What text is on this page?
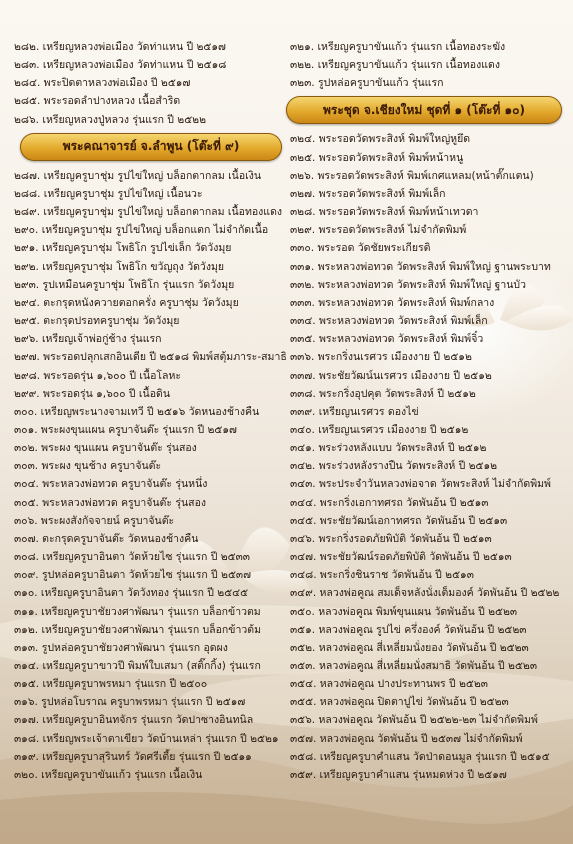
๒๘๒. เหรียญหลวงพ่อเมือง วัดท่าแหน ปี ๒๕๑๗
๒๘๓. เหรียญหลวงพ่อเมือง วัดท่าแหน ปี ๒๕๑๘
๒๘๔. พระปิดตาหลวงพ่อเมือง ปี ๒๕๑๗
๒๘๕. พระรอดลำปางหลวง เนื้อสำริด
๒๘๖. เหรียญหลวงปู่หลวง รุ่นแรก ปี ๒๕๒๒
พระคณาจารย์ จ.ลำพูน (โต๊ะที่ ๙)
๒๘๗. เหรียญครูบาชุ่ม รูปไข่ใหญ่ บล็อกตากลม เนื้อเงิน
๒๘๘. เหรียญครูบาชุ่ม รูปไข่ใหญ่ เนื้อนวะ
๒๘๙. เหรียญครูบาชุ่ม รูปไข่ใหญ่ บล็อกตากลม เนื้อทองแดง
๒๙๐. เหรียญครูบาชุ่ม รูปไข่ใหญ่ บล็อกแตก ไม่จำกัดเนื้อ
๒๙๑. เหรียญครูบาชุ่ม โพธิโก รูปไข่เล็ก วัดวังมุย
๒๙๒. เหรียญครูบาชุ่ม โพธิโก ขวัญถุง วัดวังมุย
๒๙๓. รูปเหมือนครูบาชุ่ม โพธิโก รุ่นแรก วัดวังมุย
๒๙๔. ตะกรุดหนังควายตอกครั่ง ครูบาชุ่ม วัดวังมุย
๒๙๕. ตะกรุดปรอทครูบาชุ่ม วัดวังมุย
๒๙๖. เหรียญเจ้าพ่อกู่ช้าง รุ่นแรก
๒๙๗. พระรอดปลุกเสกอินเดีย ปี ๒๕๑๘ พิมพ์สตุ้มภาระ-สมาธิ
๒๙๘. พระรอดรุ่น ๑,๖๐๐ ปี เนื้อโลหะ
๒๙๙. พระรอดรุ่น ๑,๖๐๐ ปี เนื้อดิน
๓๐๐. เหรียญพระนางจามเทวี ปี ๒๕๑๖ วัดหนองช้างคืน
๓๐๑. พระผงขุนแผน ครูบาจันต๊ะ รุ่นแรก ปี ๒๕๑๗
๓๐๒. พระผง ขุนแผน ครูบาจันต๊ะ รุ่นสอง
๓๐๓. พระผง ขุนช้าง ครูบาจันต๊ะ
๓๐๔. พระหลวงพ่อทวด ครูบาจันต๊ะ รุ่นหนึ่ง
๓๐๕. พระหลวงพ่อทวด ครูบาจันต๊ะ รุ่นสอง
๓๐๖. พระผงสังกัจจายน์ ครูบาจันต๊ะ
๓๐๗. ตะกรุดครูบาจันต๊ะ วัดหนองช้างคืน
๓๐๘. เหรียญครูบาอินตา วัดห้วยไซ รุ่นแรก ปี ๒๕๓๓
๓๐๙. รูปหล่อครูบาอินตา วัดห้วยไซ รุ่นแรก ปี ๒๕๓๗
๓๑๐. เหรียญครูบาอินตา วัดวังทอง รุ่นแรก ปี ๒๕๔๕
๓๑๑. เหรียญครูบาชัยวงศาพัฒนา รุ่นแรก บล็อกข้าวตม
๓๑๒. เหรียญครูบาชัยวงศาพัฒนา รุ่นแรก บล็อกข้าวต้ม
๓๑๓. รูปหล่อครูบาชัยวงศาพัฒนา รุ่นแรก อุดผง
๓๑๔. เหรียญครูบาขาวปี พิมพ์ใบเสมา (สติ๊กกิ้ง) รุ่นแรก
๓๑๕. เหรียญครูบาพรหมา รุ่นแรก ปี ๒๕๐๐
๓๑๖. รูปหล่อโบราณ ครูบาพรหมา รุ่นแรก ปี ๒๕๑๗
๓๑๗. เหรียญครูบาอินทจักร รุ่นแรก วัดปาซางอินทนิล
๓๑๘. เหรียญพระเจ้าตาเขียว วัดบ้านเหล่า รุ่นแรก ปี ๒๕๒๑
๓๑๙. เหรียญครูบาสุรินทร์ วัดศรีเตี้ย รุ่นแรก ปี ๒๕๑๑
๓๒๐. เหรียญครูบาขันแก้ว รุ่นแรก เนื้อเงิน
๓๒๑. เหรียญครูบาขันแก้ว รุ่นแรก เนื้อทองระฆัง
๓๒๒. เหรียญครูบาขันแก้ว รุ่นแรก เนื้อทองแดง
๓๒๓. รูปหล่อครูบาขันแก้ว รุ่นแรก
พระชุด จ.เชียงใหม่ ชุดที่ ๑ (โต๊ะที่ ๑๐)
๓๒๔. พระรอดวัดพระสิงห์ พิมพ์ใหญ่หูยึด
๓๒๕. พระรอดวัดพระสิงห์ พิมพ์หน้าหนู
๓๒๖. พระรอดวัดพระสิงห์ พิมพ์เกศแหลม(หน้าตั๊กแตน)
๓๒๗. พระรอดวัดพระสิงห์ พิมพ์เล็ก
๓๒๘. พระรอดวัดพระสิงห์ พิมพ์หน้าเทวดา
๓๒๙. พระรอดวัดพระสิงห์ ไม่จำกัดพิมพ์
๓๓๐. พระรอด วัดชัยพระเกียรติ
๓๓๑. พระหลวงพ่อทวด วัดพระสิงห์ พิมพ์ใหญ่ ฐานพระบาท
๓๓๒. พระหลวงพ่อทวด วัดพระสิงห์ พิมพ์ใหญ่ ฐานบัว
๓๓๓. พระหลวงพ่อทวด วัดพระสิงห์ พิมพ์กลาง
๓๓๔. พระหลวงพ่อทวด วัดพระสิงห์ พิมพ์เล็ก
๓๓๕. พระหลวงพ่อทวด วัดพระสิงห์ พิมพ์จิ๋ว
๓๓๖. พระกริ่งนเรศวร เมืองงาย ปี ๒๕๑๒
๓๓๗. พระชัยวัฒน์นเรศวร เมืองงาย ปี ๒๕๑๒
๓๓๘. พระกริ่งอุปคุต วัดพระสิงห์ ปี ๒๕๑๒
๓๓๙. เหรียญนเรศวร ดองไข่
๓๔๐. เหรียญนเรศวร เมืองงาย ปี ๒๕๑๒
๓๔๑. พระร่วงหลังแบบ วัดพระสิงห์ ปี ๒๕๑๒
๓๔๒. พระร่วงหลังรางปืน วัดพระสิงห์ ปี ๒๕๑๒
๓๔๓. พระประจำวันหลวงพ่อจาด วัดพระสิงห์ ไม่จำกัดพิมพ์
๓๔๔. พระกริ่งเอกาทศรถ วัดพันอ้น ปี ๒๕๑๓
๓๔๕. พระชัยวัฒน์เอกาทศรถ วัดพันอ้น ปี ๒๕๑๓
๓๔๖. พระกริ่งรอดภัยพิบัติ วัดพันอ้น ปี ๒๕๑๓
๓๔๗. พระชัยวัฒน์รอดภัยพิบัติ วัดพันอ้น ปี ๒๕๑๓
๓๔๘. พระกริ่งชินราช วัดพันอ้น ปี ๒๕๑๓
๓๔๙. หลวงพ่อคูณ สมเด็จหลังนั่งเต็มองค์ วัดพันอ้น ปี ๒๕๒๒
๓๕๐. หลวงพ่อคูณ พิมพ์ขุนแผน วัดพันอ้น ปี ๒๕๒๓
๓๕๑. หลวงพ่อคูณ รูปไข่ ครึ่งองค์ วัดพันอ้น ปี ๒๕๒๓
๓๕๒. หลวงพ่อคูณ สี่เหลี่ยมนั่งยอง วัดพันอ้น ปี ๒๕๒๓
๓๕๓. หลวงพ่อคูณ สี่เหลี่ยมนั่งสมาธิ วัดพันอ้น ปี ๒๕๒๓
๓๕๔. หลวงพ่อคูณ ปางประทานพร ปี ๒๕๒๓
๓๕๕. หลวงพ่อคูณ ปิดตาปูไข่ วัดพันอ้น ปี ๒๕๒๓
๓๕๖. หลวงพ่อคูณ วัดพันอ้น ปี ๒๕๒๒-๒๓ ไม่จำกัดพิมพ์
๓๕๗. หลวงพ่อคูณ วัดพันอ้น ปี ๒๕๓๗ ไม่จำกัดพิมพ์
๓๕๘. เหรียญครูบาคำแสน วัดป่าดอนมูล รุ่นแรก ปี ๒๕๑๕
๓๕๙. เหรียญครูบาคำแสน รุ่นหมดห่วง ปี ๒๕๑๗
